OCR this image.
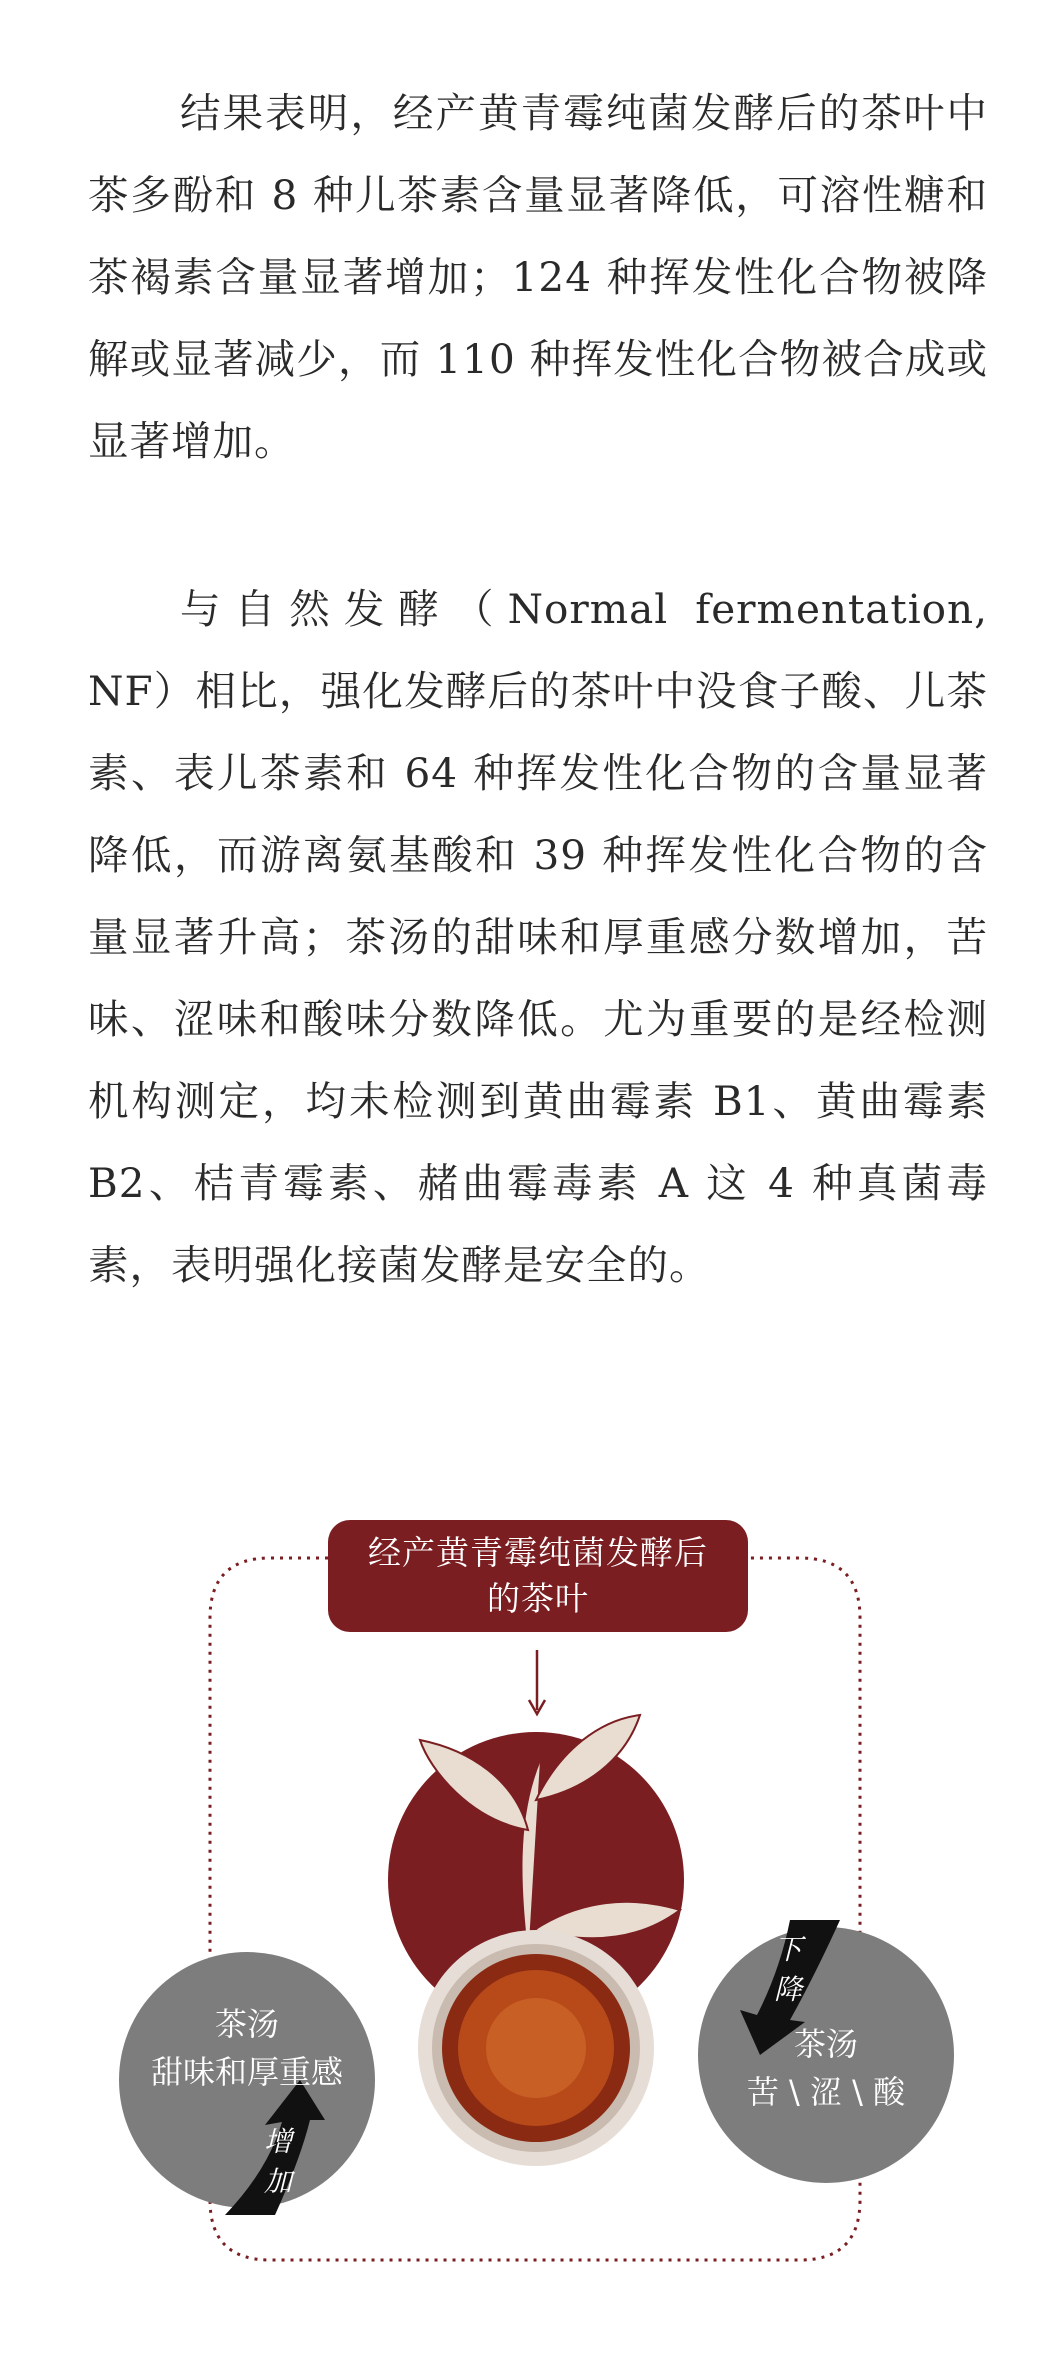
结果表明，经产黄青霉纯菌发酵后的茶叶中茶多酚和 8 种儿茶素含量显著降低，可溶性糖和茶褐素含量显著增加；124 种挥发性化合物被降解或显著减少，而 110 种挥发性化合物被合成或显著增加。

与自然发酵（Normal fermentation, NF）相比，强化发酵后的茶叶中没食子酸、儿茶素、表儿茶素和 64 种挥发性化合物的含量显著降低，而游离氨基酸和 39 种挥发性化合物的含量显著升高；茶汤的甜味和厚重感分数增加，苦味、涩味和酸味分数降低。尤为重要的是经检测机构测定，均未检测到黄曲霉素 B1、黄曲霉素 B2、桔青霉素、赭曲霉毒素 A 这 4 种真菌毒素，表明强化接菌发酵是安全的。

经产黄青霉纯菌发酵后
的茶叶
茶汤
甜味和厚重感
增
加
茶汤
苦 \ 涩 \ 酸
下
降
